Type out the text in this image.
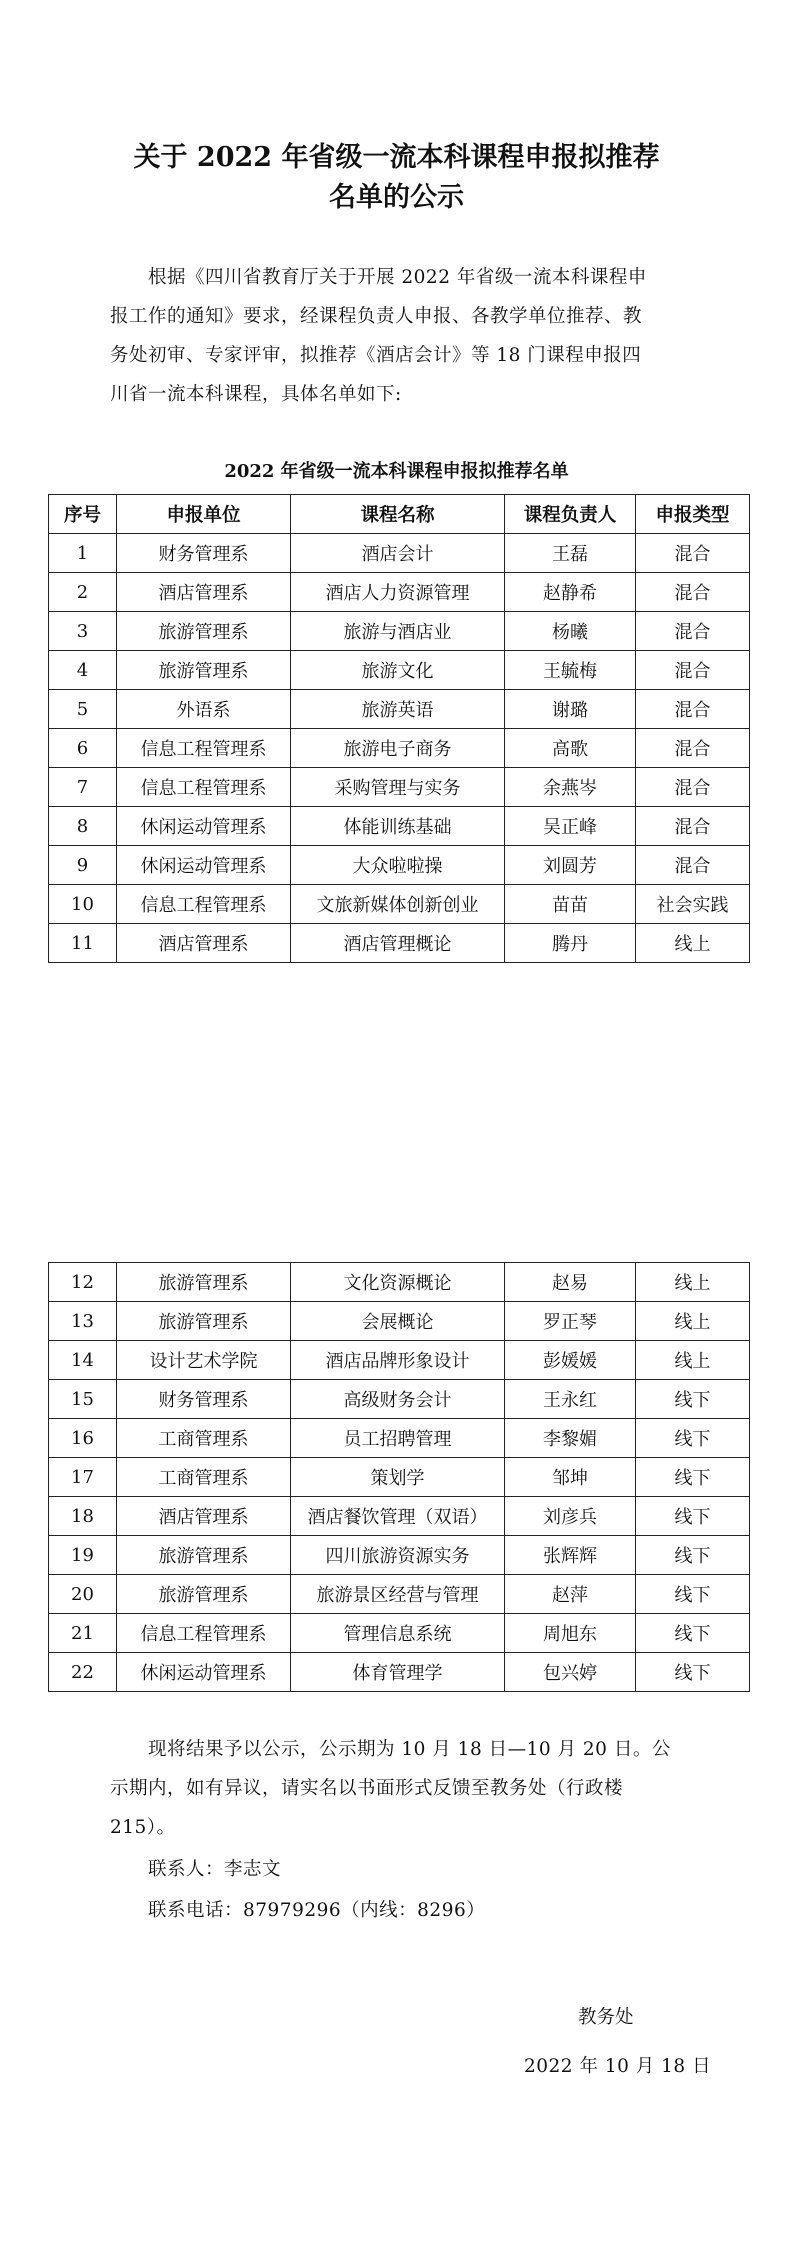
关于 2022 年省级一流本科课程申报拟推荐
名单的公示
根据《四川省教育厅关于开展 2022 年省级一流本科课程申
报工作的通知》要求，经课程负责人申报、各教学单位推荐、教
务处初审、专家评审，拟推荐《酒店会计》等 18 门课程申报四
川省一流本科课程，具体名单如下:
2022 年省级一流本科课程申报拟推荐名单
序号	申报单位	课程名称	课程负责人	申报类型
1	财务管理系	酒店会计	王磊	混合
2	酒店管理系	酒店人力资源管理	赵静希	混合
3	旅游管理系	旅游与酒店业	杨曦	混合
4	旅游管理系	旅游文化	王毓梅	混合
5	外语系	旅游英语	谢璐	混合
6	信息工程管理系	旅游电子商务	高歌	混合
7	信息工程管理系	采购管理与实务	余燕岑	混合
8	休闲运动管理系	体能训练基础	吴正峰	混合
9	休闲运动管理系	大众啦啦操	刘圆芳	混合
10	信息工程管理系	文旅新媒体创新创业	苗苗	社会实践
11	酒店管理系	酒店管理概论	腾丹	线上
12	旅游管理系	文化资源概论	赵易	线上
13	旅游管理系	会展概论	罗正琴	线上
14	设计艺术学院	酒店品牌形象设计	彭媛媛	线上
15	财务管理系	高级财务会计	王永红	线下
16	工商管理系	员工招聘管理	李黎媚	线下
17	工商管理系	策划学	邹坤	线下
18	酒店管理系	酒店餐饮管理（双语）	刘彦兵	线下
19	旅游管理系	四川旅游资源实务	张辉辉	线下
20	旅游管理系	旅游景区经营与管理	赵萍	线下
21	信息工程管理系	管理信息系统	周旭东	线下
22	休闲运动管理系	体育管理学	包兴婷	线下
现将结果予以公示，公示期为 10 月 18 日—10 月 20 日。公
示期内，如有异议，请实名以书面形式反馈至教务处（行政楼
215）。
联系人：李志文
联系电话：87979296（内线：8296）
教务处
2022 年 10 月 18 日
